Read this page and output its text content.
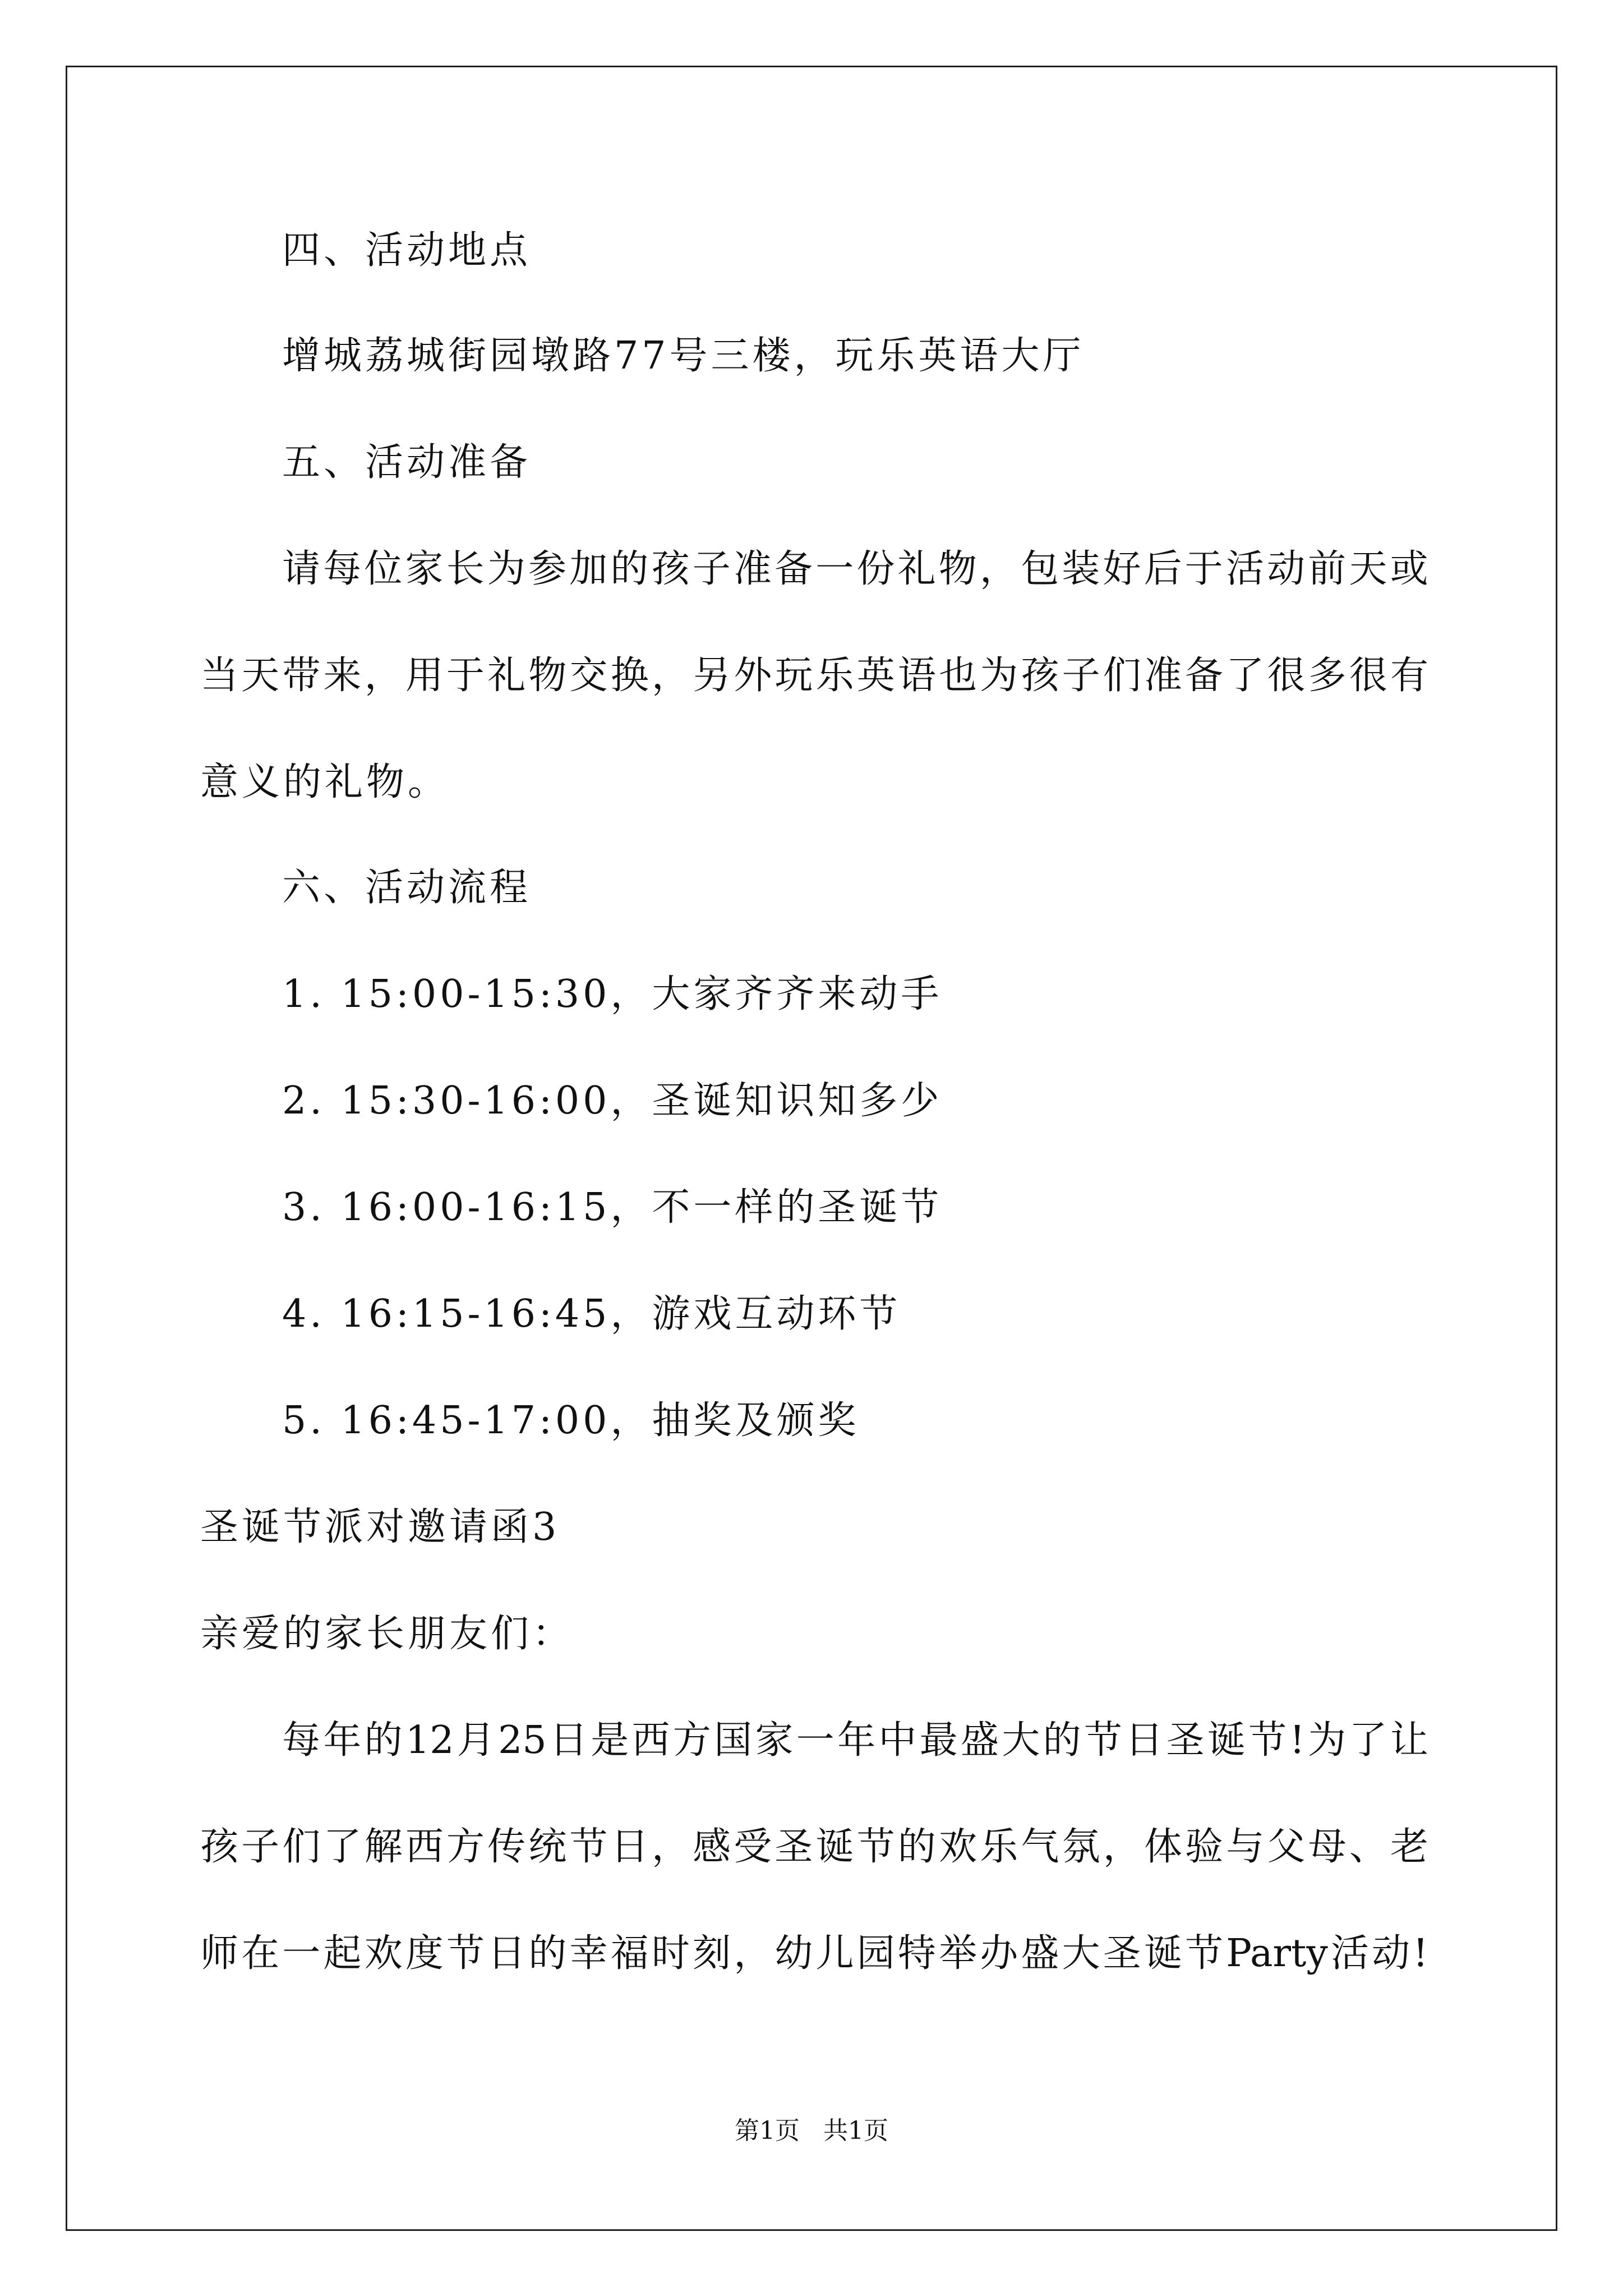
四、活动地点
增城荔城街园墩路77号三楼，玩乐英语大厅
五、活动准备
请 每 位 家 长 为 参 加 的 孩 子 准 备 一 份 礼 物 ， 包 装 好 后 于 活 动 前 天 或
当 天 带 来 ， 用 于 礼 物 交 换 ， 另 外 玩 乐 英 语 也 为 孩 子 们 准 备 了 很 多 很 有
意义的礼物。
六、活动流程
1. 15:00-15:30，大家齐齐来动手
2. 15:30-16:00，圣诞知识知多少
3. 16:00-16:15，不一样的圣诞节
4. 16:15-16:45，游戏互动环节
5. 16:45-17:00，抽奖及颁奖
圣诞节派对邀请函3
亲爱的家长朋友们：
每 年 的 12 月 25 日 是 西 方 国 家 一 年 中 最 盛 大 的 节 日 圣 诞 节 ! 为 了 让
孩 子 们 了 解 西 方 传 统 节 日 ， 感 受 圣 诞 节 的 欢 乐 气 氛 ， 体 验 与 父 母 、 老
师 在 一 起 欢 度 节 日 的 幸 福 时 刻 ， 幼 儿 园 特 举 办 盛 大 圣 诞 节 Party 活 动 !
第1页   共1页
